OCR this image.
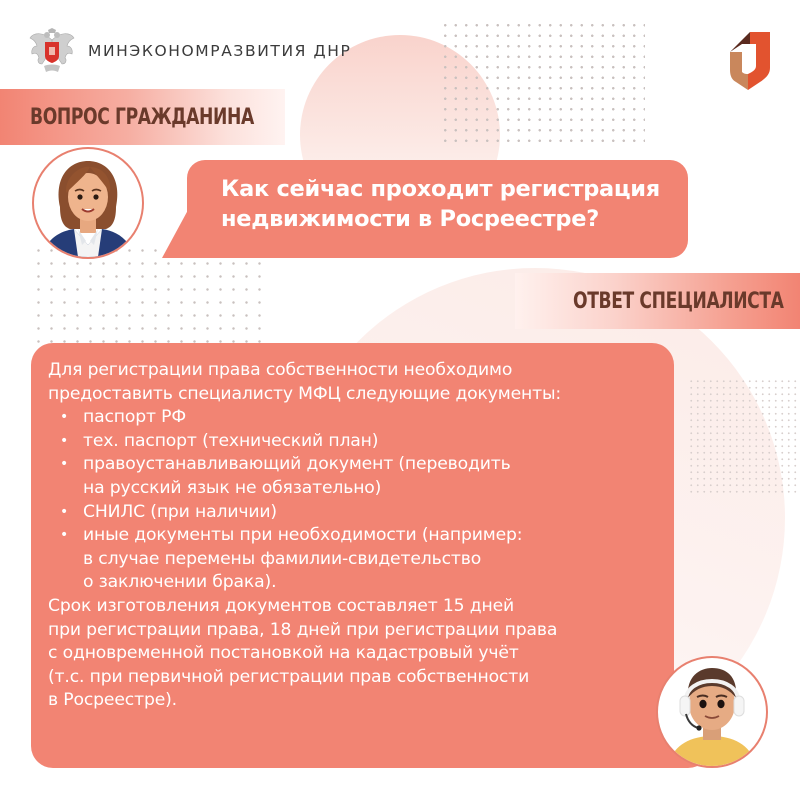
МИНЭКОНОМРАЗВИТИЯ ДНР
ВОПРОС ГРАЖДАНИНА
Как сейчас проходит регистрация
недвижимости в Росреестре?
ОТВЕТ СПЕЦИАЛИСТА
Для регистрации права собственности необходимо
предоставить специалисту МФЦ следующие документы:
• паспорт РФ
• тех. паспорт (технический план)
• правоустанавливающий документ (переводить
на русский язык не обязательно)
• СНИЛС (при наличии)
• иные документы при необходимости (например:
в случае перемены фамилии-свидетельство
о заключении брака).
Срок изготовления документов составляет 15 дней
при регистрации права, 18 дней при регистрации права
с одновременной постановкой на кадастровый учёт
(т.с. при первичной регистрации прав собственности
в Росреестре).
